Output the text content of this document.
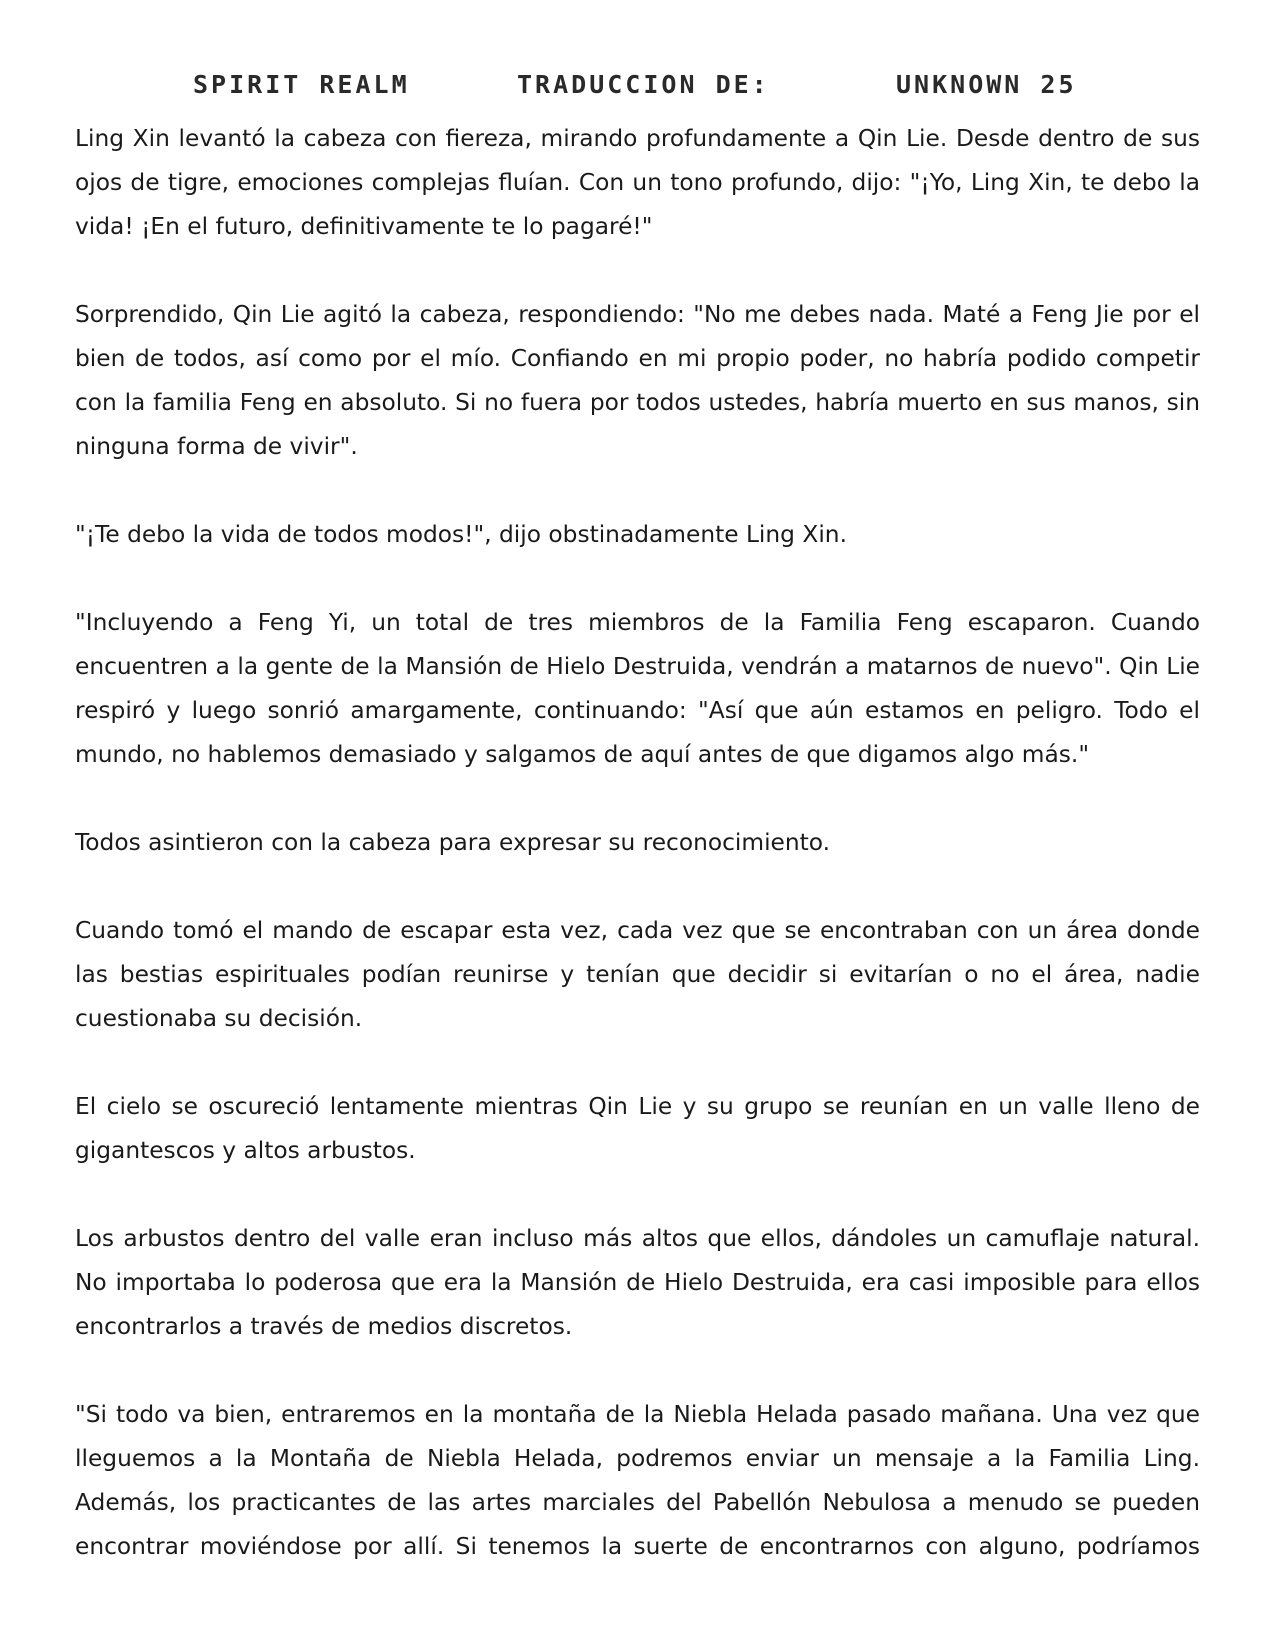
SPIRIT REALM	TRADUCCION DE:	UNKNOWN 25

Ling Xin levantó la cabeza con fiereza, mirando profundamente a Qin Lie. Desde dentro de sus ojos de tigre, emociones complejas fluían. Con un tono profundo, dijo: "¡Yo, Ling Xin, te debo la vida! ¡En el futuro, definitivamente te lo pagaré!"

Sorprendido, Qin Lie agitó la cabeza, respondiendo: "No me debes nada. Maté a Feng Jie por el bien de todos, así como por el mío. Confiando en mi propio poder, no habría podido competir con la familia Feng en absoluto. Si no fuera por todos ustedes, habría muerto en sus manos, sin ninguna forma de vivir".

"¡Te debo la vida de todos modos!", dijo obstinadamente Ling Xin.

"Incluyendo a Feng Yi, un total de tres miembros de la Familia Feng escaparon. Cuando encuentren a la gente de la Mansión de Hielo Destruida, vendrán a matarnos de nuevo". Qin Lie respiró y luego sonrió amargamente, continuando: "Así que aún estamos en peligro. Todo el mundo, no hablemos demasiado y salgamos de aquí antes de que digamos algo más."

Todos asintieron con la cabeza para expresar su reconocimiento.

Cuando tomó el mando de escapar esta vez, cada vez que se encontraban con un área donde las bestias espirituales podían reunirse y tenían que decidir si evitarían o no el área, nadie cuestionaba su decisión.

El cielo se oscureció lentamente mientras Qin Lie y su grupo se reunían en un valle lleno de gigantescos y altos arbustos.

Los arbustos dentro del valle eran incluso más altos que ellos, dándoles un camuflaje natural. No importaba lo poderosa que era la Mansión de Hielo Destruida, era casi imposible para ellos encontrarlos a través de medios discretos.

"Si todo va bien, entraremos en la montaña de la Niebla Helada pasado mañana. Una vez que lleguemos a la Montaña de Niebla Helada, podremos enviar un mensaje a la Familia Ling. Además, los practicantes de las artes marciales del Pabellón Nebulosa a menudo se pueden encontrar moviéndose por allí. Si tenemos la suerte de encontrarnos con alguno, podríamos
